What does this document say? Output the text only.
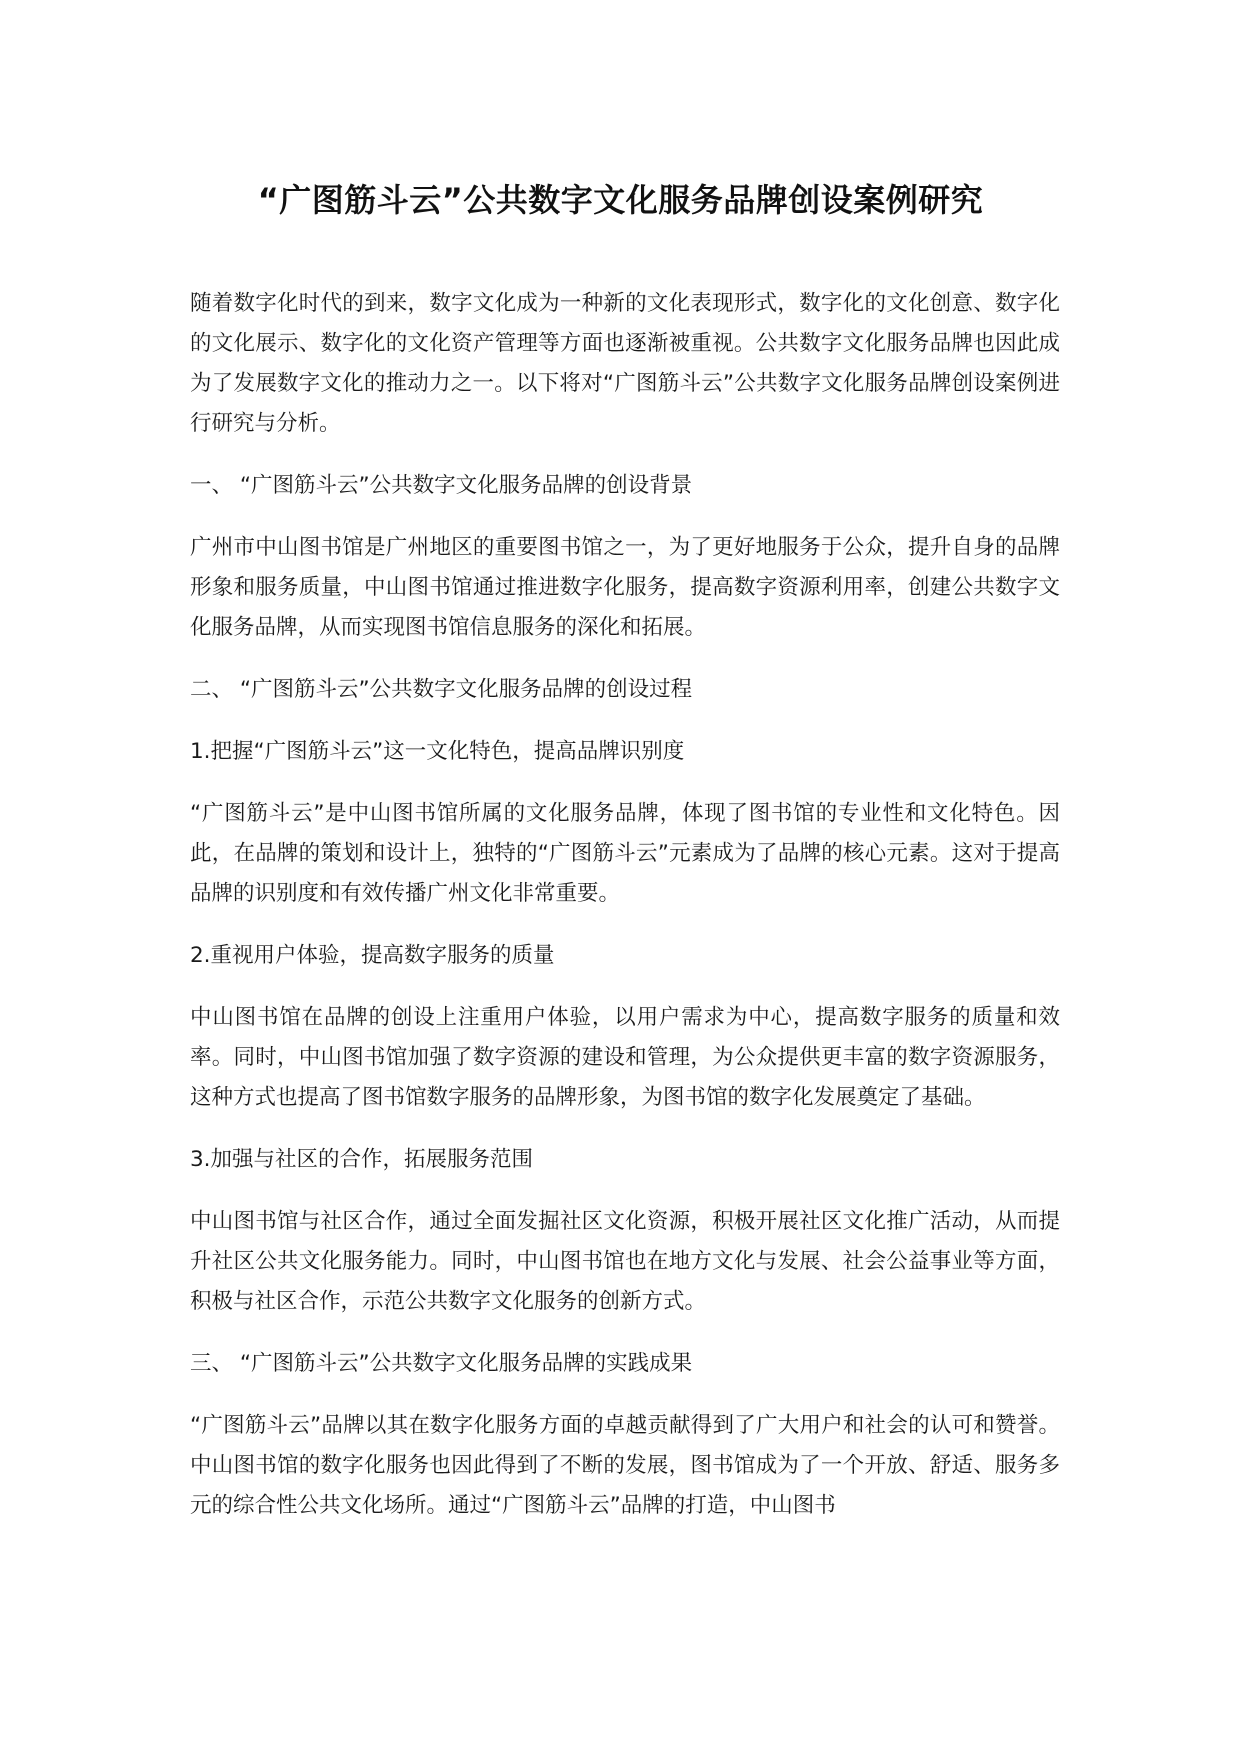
“广图筋斗云”公共数字文化服务品牌创设案例研究

随着数字化时代的到来，数字文化成为一种新的文化表现形式，数字化的文化创意、数字化的文化展示、数字化的文化资产管理等方面也逐渐被重视。公共数字文化服务品牌也因此成为了发展数字文化的推动力之一。以下将对“广图筋斗云”公共数字文化服务品牌创设案例进行研究与分析。

一、 “广图筋斗云”公共数字文化服务品牌的创设背景

广州市中山图书馆是广州地区的重要图书馆之一，为了更好地服务于公众，提升自身的品牌形象和服务质量，中山图书馆通过推进数字化服务，提高数字资源利用率，创建公共数字文化服务品牌，从而实现图书馆信息服务的深化和拓展。

二、 “广图筋斗云”公共数字文化服务品牌的创设过程

1.把握“广图筋斗云”这一文化特色，提高品牌识别度

“广图筋斗云”是中山图书馆所属的文化服务品牌，体现了图书馆的专业性和文化特色。因此，在品牌的策划和设计上，独特的“广图筋斗云”元素成为了品牌的核心元素。这对于提高品牌的识别度和有效传播广州文化非常重要。

2.重视用户体验，提高数字服务的质量

中山图书馆在品牌的创设上注重用户体验，以用户需求为中心，提高数字服务的质量和效率。同时，中山图书馆加强了数字资源的建设和管理，为公众提供更丰富的数字资源服务，这种方式也提高了图书馆数字服务的品牌形象，为图书馆的数字化发展奠定了基础。

3.加强与社区的合作，拓展服务范围

中山图书馆与社区合作，通过全面发掘社区文化资源，积极开展社区文化推广活动，从而提升社区公共文化服务能力。同时，中山图书馆也在地方文化与发展、社会公益事业等方面，积极与社区合作，示范公共数字文化服务的创新方式。

三、 “广图筋斗云”公共数字文化服务品牌的实践成果

“广图筋斗云”品牌以其在数字化服务方面的卓越贡献得到了广大用户和社会的认可和赞誉。中山图书馆的数字化服务也因此得到了不断的发展，图书馆成为了一个开放、舒适、服务多元的综合性公共文化场所。通过“广图筋斗云”品牌的打造，中山图书
